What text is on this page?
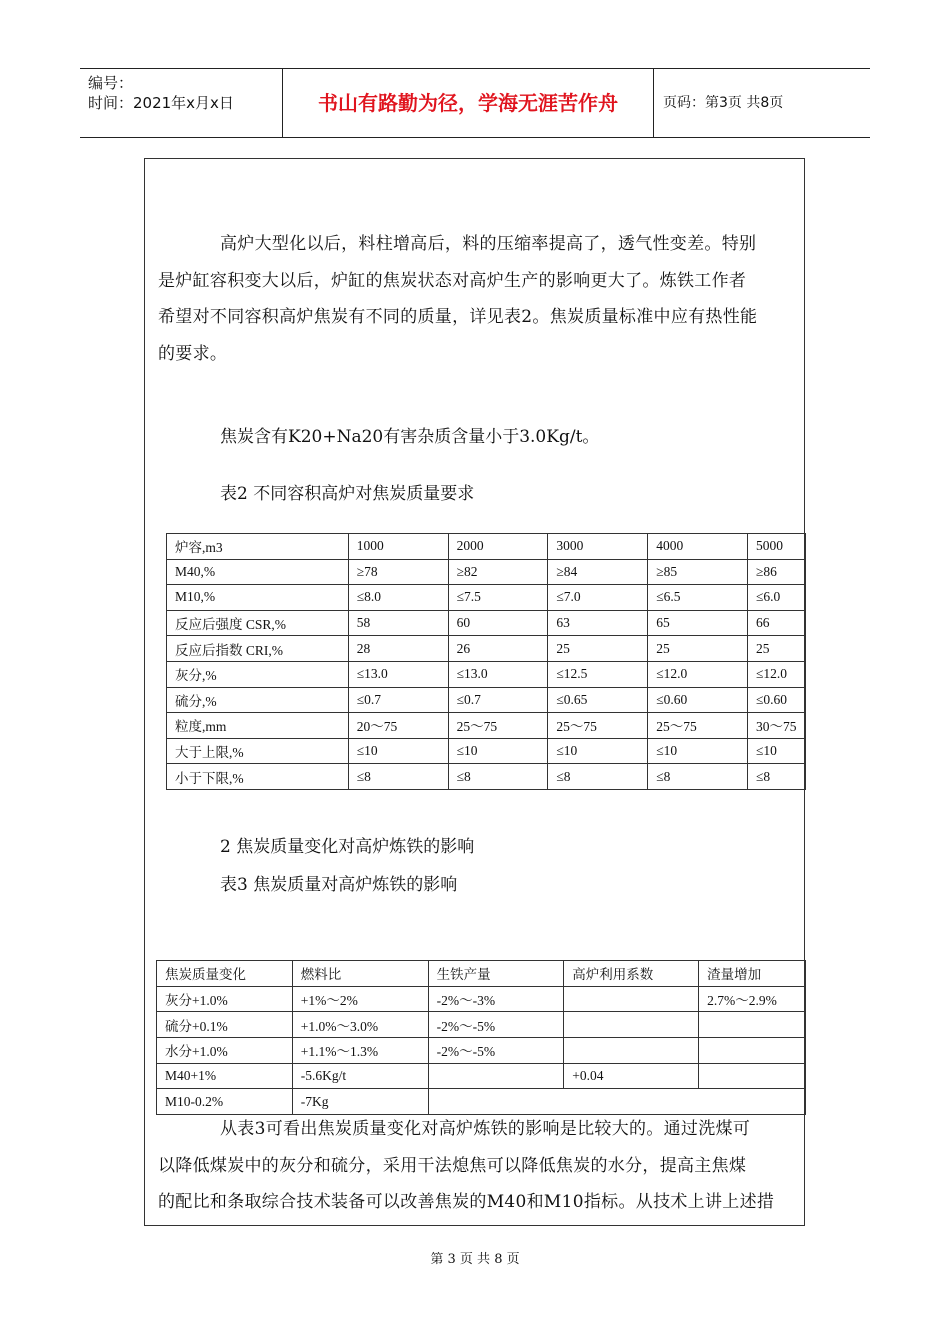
编号：
时间：2021年x月x日	书山有路勤为径，学海无涯苦作舟	页码：第3页 共8页
高炉大型化以后，料柱增高后，料的压缩率提高了，透气性变差。特别
是炉缸容积变大以后，炉缸的焦炭状态对高炉生产的影响更大了。炼铁工作者
希望对不同容积高炉焦炭有不同的质量，详见表2。焦炭质量标准中应有热性能
的要求。
焦炭含有K20+Na20有害杂质含量小于3.0Kg/t。
表2 不同容积高炉对焦炭质量要求
炉容,m3	1000	2000	3000	4000	5000
M40,%	≥78	≥82	≥84	≥85	≥86
M10,%	≤8.0	≤7.5	≤7.0	≤6.5	≤6.0
反应后强度 CSR,%	58	60	63	65	66
反应后指数 CRI,%	28	26	25	25	25
灰分,%	≤13.0	≤13.0	≤12.5	≤12.0	≤12.0
硫分,%	≤0.7	≤0.7	≤0.65	≤0.60	≤0.60
粒度,mm	20～75	25～75	25～75	25～75	30～75
大于上限,%	≤10	≤10	≤10	≤10	≤10
小于下限,%	≤8	≤8	≤8	≤8	≤8
2 焦炭质量变化对高炉炼铁的影响
表3 焦炭质量对高炉炼铁的影响
焦炭质量变化	燃料比	生铁产量	高炉利用系数	渣量增加
灰分+1.0%	+1%～2%	-2%～-3%		2.7%～2.9%
硫分+0.1%	+1.0%～3.0%	-2%～-5%		
水分+1.0%	+1.1%～1.3%	-2%～-5%		
M40+1%	-5.6Kg/t		+0.04	
M10-0.2%	-7Kg			
从表3可看出焦炭质量变化对高炉炼铁的影响是比较大的。通过洗煤可
以降低煤炭中的灰分和硫分，采用干法熄焦可以降低焦炭的水分，提高主焦煤
的配比和条取综合技术装备可以改善焦炭的M40和M10指标。从技术上讲上述措
第 3 页 共 8 页
